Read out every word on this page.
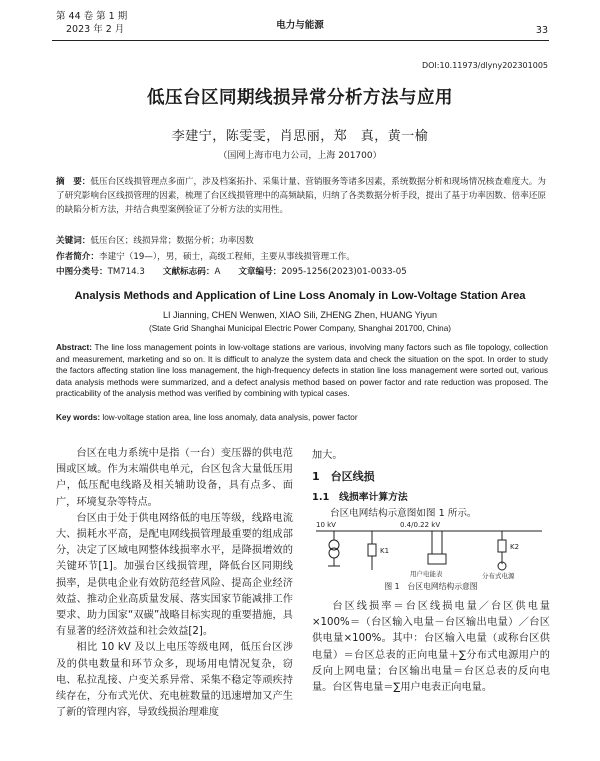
第 44 卷 第 1 期
2023 年 2 月	电力与能源	33
DOI:10.11973/dlyny202301005
低压台区同期线损异常分析方法与应用
李建宁，陈雯雯，肖思丽，郑　真，黄一榆
（国网上海市电力公司，上海 201700）
摘　要：低压台区线损管理点多面广，涉及档案拓扑、采集计量、营销服务等诸多因素，系统数据分析和现场情况核查难度大。为了研究影响台区线损管理的因素，梳理了台区线损管理中的高频缺陷，归纳了各类数据分析手段，提出了基于功率因数、倍率还原的缺陷分析方法，并结合典型案例验证了分析方法的实用性。
关键词：低压台区；线损异常；数据分析；功率因数
作者简介：李建宁（19—），男，硕士，高级工程师，主要从事线损管理工作。
中图分类号：TM714.3 文献标志码：A 文章编号：2095-1256(2023)01-0033-05
Analysis Methods and Application of Line Loss Anomaly in Low-Voltage Station Area
LI Jianning, CHEN Wenwen, XIAO Sili, ZHENG Zhen, HUANG Yiyun
(State Grid Shanghai Municipal Electric Power Company, Shanghai 201700, China)
Abstract: The line loss management points in low-voltage stations are various, involving many factors such as file topology, collection and measurement, marketing and so on. It is difficult to analyze the system data and check the situation on the spot. In order to study the factors affecting station line loss management, the high-frequency defects in station line loss management were sorted out, various data analysis methods were summarized, and a defect analysis method based on power factor and rate reduction was proposed. The practicability of the analysis method was verified by combining with typical cases.
Key words: low-voltage station area, line loss anomaly, data analysis, power factor

台区在电力系统中是指（一台）变压器的供电范围或区域。作为末端供电单元，台区包含大量低压用户，低压配电线路及相关辅助设备，具有点多、面广，环境复杂等特点。

台区由于处于供电网络低的电压等级，线路电流大、损耗水平高，是配电网线损管理最重要的组成部分，决定了区域电网整体线损率水平，是降损增效的关键环节[1]。加强台区线损管理，降低台区同期线损率，是供电企业有效防范经营风险、提高企业经济效益、推动企业高质量发展、落实国家节能减排工作要求、助力国家“双碳”战略目标实现的重要措施，具有显著的经济效益和社会效益[2]。

相比 10 kV 及以上电压等级电网，低压台区涉及的供电数量和环节众多，现场用电情况复杂，窃电、私拉乱接、户变关系异常、采集不稳定等顽疾持续存在，分布式光伏、充电桩数量的迅速增加又产生了新的管理内容，导致线损治理难度

加大。
1　台区线损
1.1　线损率计算方法
台区电网结构示意图如图 1 所示。
10 kV	0.4/0.22 kV
K1
用户电能表
K2
分布式电源
图 1　台区电网结构示意图

台区线损率＝台区线损电量／台区供电量×100%＝（台区输入电量－台区输出电量）／台区供电量×100%。其中：台区输入电量（或称台区供电量）＝台区总表的正向电量＋∑分布式电源用户的反向上网电量；台区输出电量＝台区总表的反向电量。台区售电量＝∑用户电表正向电量。
